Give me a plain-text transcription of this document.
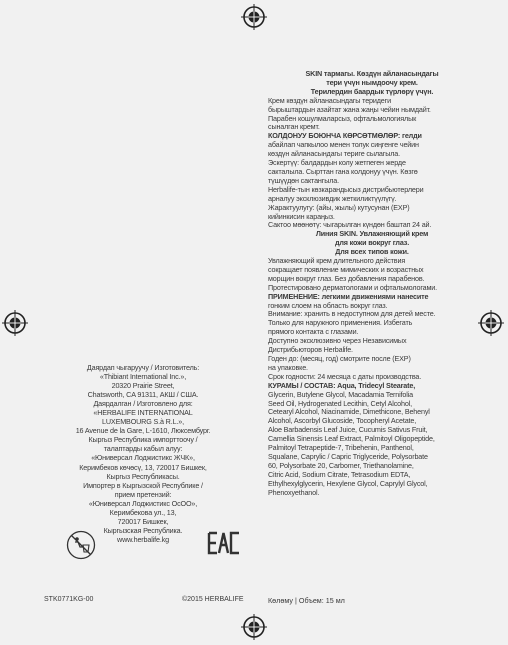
SKIN тармагы. Көздүн айланасындагы
тери үчүн нымдоочу крем.
Терилердин баардык түрлөрү үчүн.
Крем көздүн айланасындагы теридеги
бырыштардын азайтат жана жаңы чейин нымдайт.
Парабен кошулмаларсыз, офтальмологиялык
сыналган кремт.
КОЛДОНУУ БОЮНЧА КӨРСӨТМӨЛӨР: гелди
абайлап чапкылоо менен толук сиңгенге чейин
көздүн айланасындагы териге сылагыла.
Эскертүү: балдардын колу жетпеген жерде
сакталыла. Сырттан гана колдонуу үчүн. Көзгө
түшүүдөн сактангыла.
Herbalife-тын көзкарандысыз дистрибьютерлери
арналуу эксклюзивдик жеткиликтүүлүгү.
Жарактуулугу: (айы, жылы) кутусунан (EXP)
кийинкисин караңыз.
Сактоо мөөнөтү: чыгарылган күндөн баштап 24 ай.
Линия SKIN. Увлажняющий крем
для кожи вокруг глаз.
Для всех типов кожи.
Увлажняющий крем длительного действия
сокращает появление мимических и возрастных
морщин вокруг глаз. Без добавления парабенов.
Протестировано дерматологами и офтальмологами.
ПРИМЕНЕНИЕ: легкими движениями нанесите
гонким слоем на область вокруг глаз.
Внимание: хранить в недоступном для детей месте.
Только для наружного применения. Избегать
прямого контакта с глазами.
Доступно эксклюзивно через Независимых
Дистрибьюторов Herbalife.
Годен до: (месяц, год) смотрите после (EXP)
на упаковке.
Срок годности: 24 месяца с даты производства.
КУРАМЫ / СОСТАВ: Aqua, Tridecyl Stearate,
Glycerin, Butylene Glycol, Macadamia Ternifolia
Seed Oil, Hydrogenated Lecithin, Cetyl Alcohol,
Cetearyl Alcohol, Niacinamide, Dimethicone, Behenyl
Alcohol, Ascorbyl Glucoside, Tocopheryl Acetate,
Aloe Barbadensis Leaf Juice, Cucumis Sativus Fruit,
Camellia Sinensis Leaf Extract, Palmitoyl Oligopeptide,
Palmitoyl Tetrapeptide-7, Tribehenin, Panthenol,
Squalane, Caprylic / Capric Triglyceride, Polysorbate
60, Polysorbate 20, Carbomer, Triethanolamine,
Citric Acid, Sodium Citrate, Tetrasodium EDTA,
Ethylhexylglycerin, Hexylene Glycol, Caprylyl Glycol,
Phenoxyethanol.
Даярдап чыгаруучу / Изготовитель:
«Thibiant International Inc.»,
20320 Prairie Street,
Chatsworth, CA 91311, АКШ / США.
Даярдалган / Изготовлено для:
«HERBALIFE INTERNATIONAL
LUXEMBOURG S.à R.L.»,
16 Avenue de la Gare, L-1610, Люксембург.
Кыргыз Республика импорттоочу /
талаптарды кабыл алуу:
«Юниверсал Лоджистикс ЖЧК»,
Керимбеков көчөсү, 13, 720017 Бишкек,
Кыргыз Республикасы.
Импортер в Кыргызской Республике /
прием претензий:
«Юниверсал Лоджистикс ОсОО»,
Керимбекова ул., 13,
720017 Бишкек,
Кыргызская Республика.
www.herbalife.kg
STK0771KG-00	©2015 HERBALIFE	Көлөму | Объем: 15 мл
